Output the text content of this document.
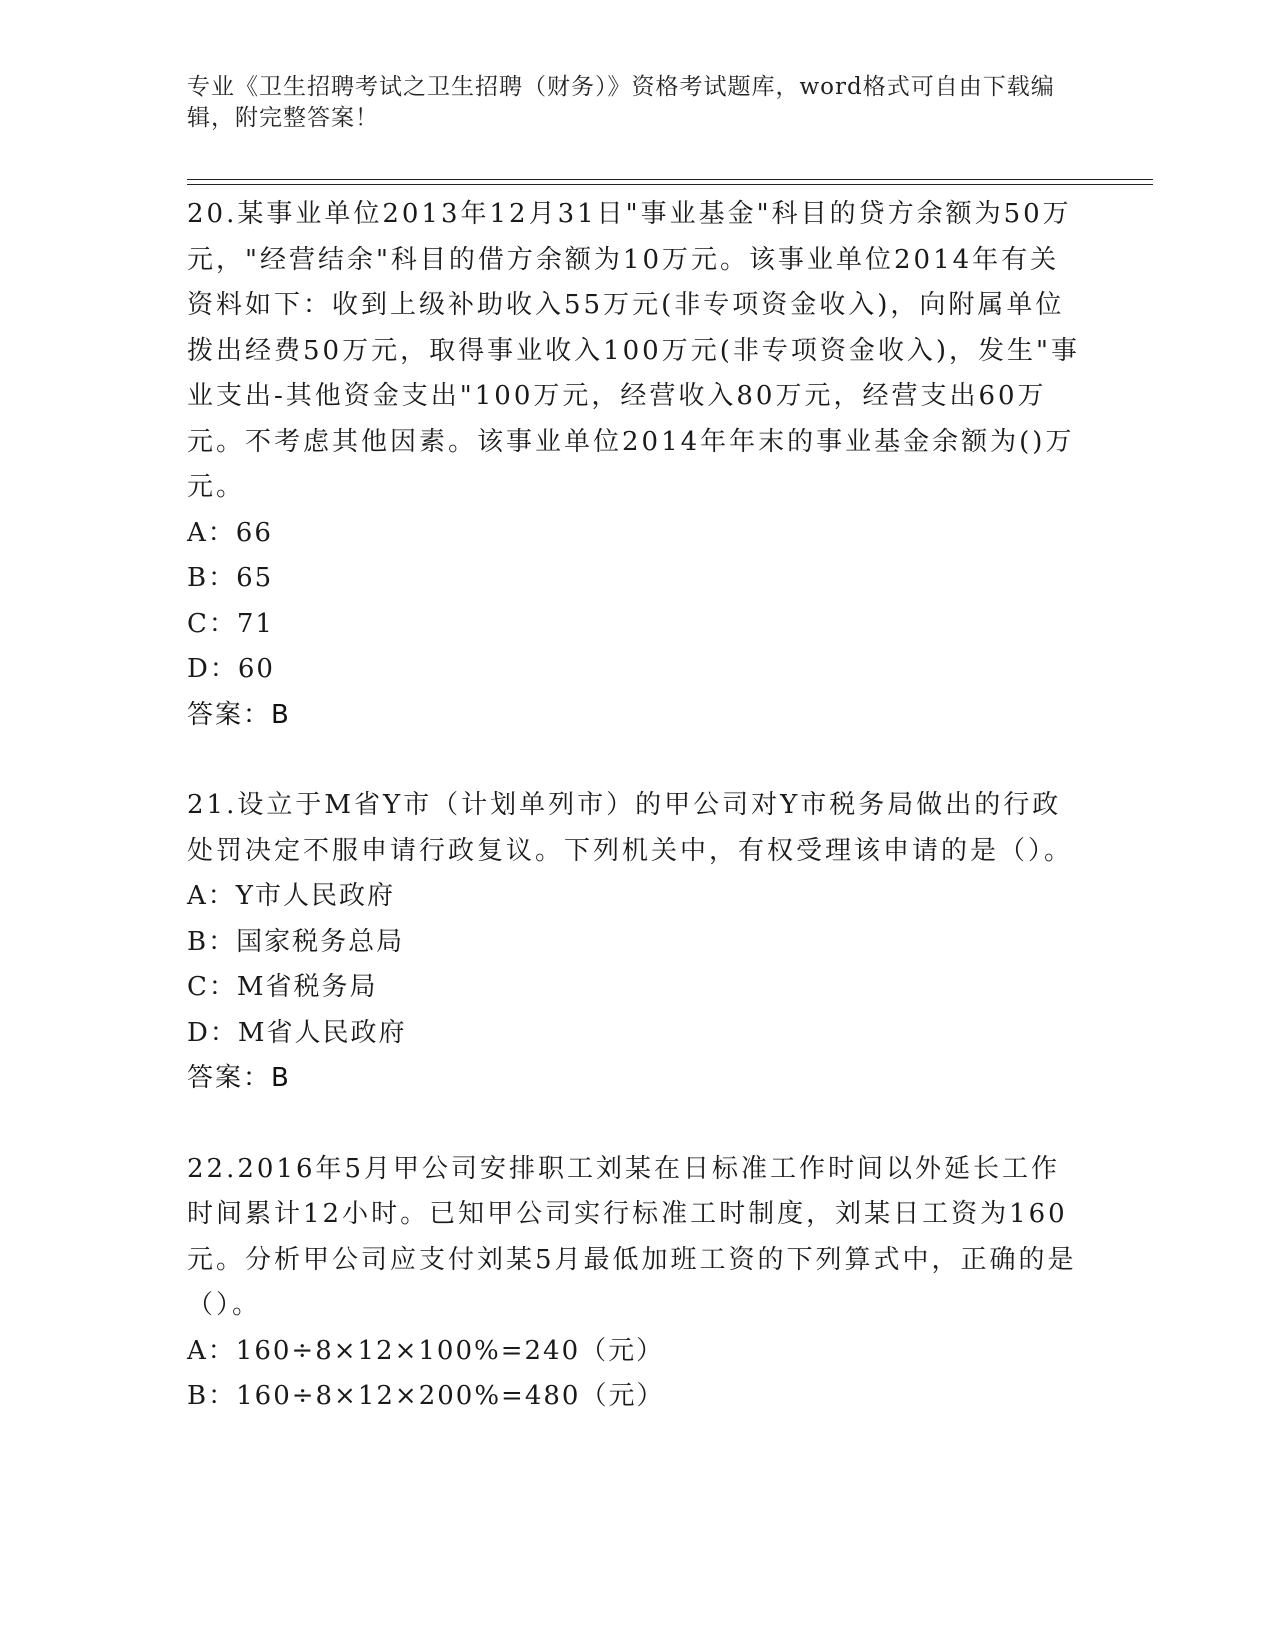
专业《卫生招聘考试之卫生招聘（财务）》资格考试题库，word格式可自由下载编辑，附完整答案！

20.某事业单位2013年12月31日"事业基金"科目的贷方余额为50万元，"经营结余"科目的借方余额为10万元。该事业单位2014年有关资料如下：收到上级补助收入55万元(非专项资金收入)，向附属单位拨出经费50万元，取得事业收入100万元(非专项资金收入)，发生"事业支出-其他资金支出"100万元，经营收入80万元，经营支出60万元。不考虑其他因素。该事业单位2014年年末的事业基金余额为()万元。

A：66

B：65

C：71

D：60

答案：B

21.设立于M省Y市（计划单列市）的甲公司对Y市税务局做出的行政处罚决定不服申请行政复议。下列机关中，有权受理该申请的是（）。

A：Y市人民政府

B：国家税务总局

C：M省税务局

D：M省人民政府

答案：B

22.2016年5月甲公司安排职工刘某在日标准工作时间以外延长工作时间累计12小时。已知甲公司实行标准工时制度，刘某日工资为160元。分析甲公司应支付刘某5月最低加班工资的下列算式中，正确的是（）。

A：160÷8×12×100%=240（元）

B：160÷8×12×200%=480（元）
